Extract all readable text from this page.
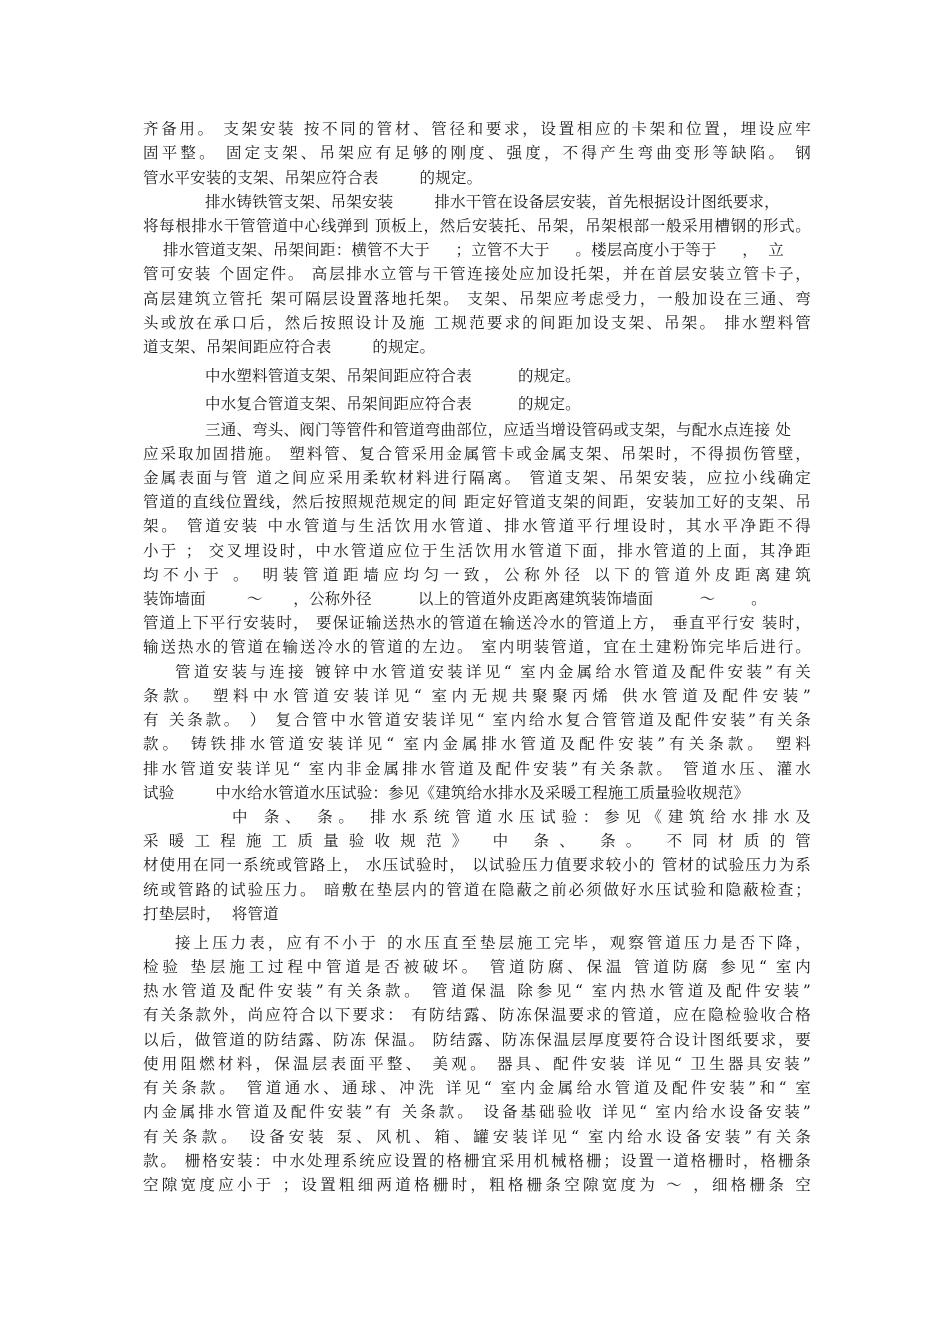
齐备用。 支架安装 按不同的管材、管径和要求，设置相应的卡架和位置，埋设应牢
固平整。 固定支架、吊架应有足够的刚度、强度，不得产生弯曲变形等缺陷。 钢
管水平安装的支架、吊架应符合表        的规定。
排水铸铁管支架、吊架安装        排水干管在设备层安装，首先根据设计图纸要求，
将每根排水干管管道中心线弹到 顶板上，然后安装托、吊架，吊架根部一般采用槽钢的形式。
排水管道支架、吊架间距：横管不大于     ；立管不大于     。楼层高度小于等于     ，  立
管可安装 个固定件。 高层排水立管与干管连接处应加设托架，并在首层安装立管卡子，
高层建筑立管托 架可隔层设置落地托架。 支架、吊架应考虑受力，一般加设在三通、弯
头或放在承口后，然后按照设计及施 工规范要求的间距加设支架、吊架。 排水塑料管
道支架、吊架间距应符合表        的规定。
中水塑料管道支架、吊架间距应符合表         的规定。
中水复合管道支架、吊架间距应符合表         的规定。
三通、弯头、阀门等管件和管道弯曲部位，应适当增设管码或支架，与配水点连接 处
应采取加固措施。 塑料管、复合管采用金属管卡或金属支架、吊架时，不得损伤管壁，
金属表面与管 道之间应采用柔软材料进行隔离。 管道支架、吊架安装，应拉小线确定
管道的直线位置线，然后按照规范规定的间 距定好管道支架的间距，安装加工好的支架、吊
架。 管道安装 中水管道与生活饮用水管道、排水管道平行埋设时，其水平净距不得
小于 ； 交叉埋设时，中水管道应位于生活饮用水管道下面，排水管道的上面，其净距
均不小于 。 明装管道距墙应均匀一致，公称外径 以下的管道外皮距离建筑
装饰墙面        ～      ，公称外径         以上的管道外皮距离建筑装饰墙面         ～       。
管道上下平行安装时， 要保证输送热水的管道在输送冷水的管道上方， 垂直平行安 装时，
输送热水的管道在输送冷水的管道的左边。 室内明装管道，宜在土建粉饰完毕后进行。
管道安装与连接 镀锌中水管道安装详见“ 室内金属给水管道及配件安装”有关
条款。 塑料中水管道安装详见“ 室内无规共聚聚丙烯 供水管道及配件安装”
有 关条款。 ） 复合管中水管道安装详见“ 室内给水复合管管道及配件安装”有关条
款。 铸铁排水管道安装详见“ 室内金属排水管道及配件安装”有关条款。 塑料
排水管道安装详见“ 室内非金属排水管道及配件安装”有关条款。 管道水压、灌水
试验        中水给水管道水压试验：参见《建筑给水排水及采暖工程施工质量验收规范》
中 条、 条。 排水系统管道水压试验：参见《建筑给水排水及
采暖工程施工质量验收规范》 中 条、 条。 不同材质的管
材使用在同一系统或管路上， 水压试验时， 以试验压力值要求较小的 管材的试验压力为系
统或管路的试验压力。 暗敷在垫层内的管道在隐蔽之前必须做好水压试验和隐蔽检查；
打垫层时，  将管道
接上压力表，应有不小于 的水压直至垫层施工完毕，观察管道压力是否下降，
检验 垫层施工过程中管道是否被破坏。 管道防腐、保温 管道防腐 参见“ 室内
热水管道及配件安装”有关条款。 管道保温 除参见“ 室内热水管道及配件安装”
有关条款外，尚应符合以下要求： 有防结露、防冻保温要求的管道，应在隐检验收合格
以后，做管道的防结露、防冻 保温。 防结露、防冻保温层厚度要符合设计图纸要求，要
使用阻燃材料，保温层表面平整、 美观。 器具、配件安装 详见“ 卫生器具安装”
有关条款。 管道通水、通球、冲洗 详见“ 室内金属给水管道及配件安装”和“ 室
内金属排水管道及配件安装”有 关条款。 设备基础验收 详见“ 室内给水设备安装”
有关条款。 设备安装 泵、风机、箱、罐安装详见“ 室内给水设备安装”有关条
款。 栅格安装：中水处理系统应设置的格栅宜采用机械格栅；设置一道格栅时，格栅条
空隙宽度应小于 ；设置粗细两道格栅时，粗格栅条空隙宽度为 ～ ，细格栅条 空
